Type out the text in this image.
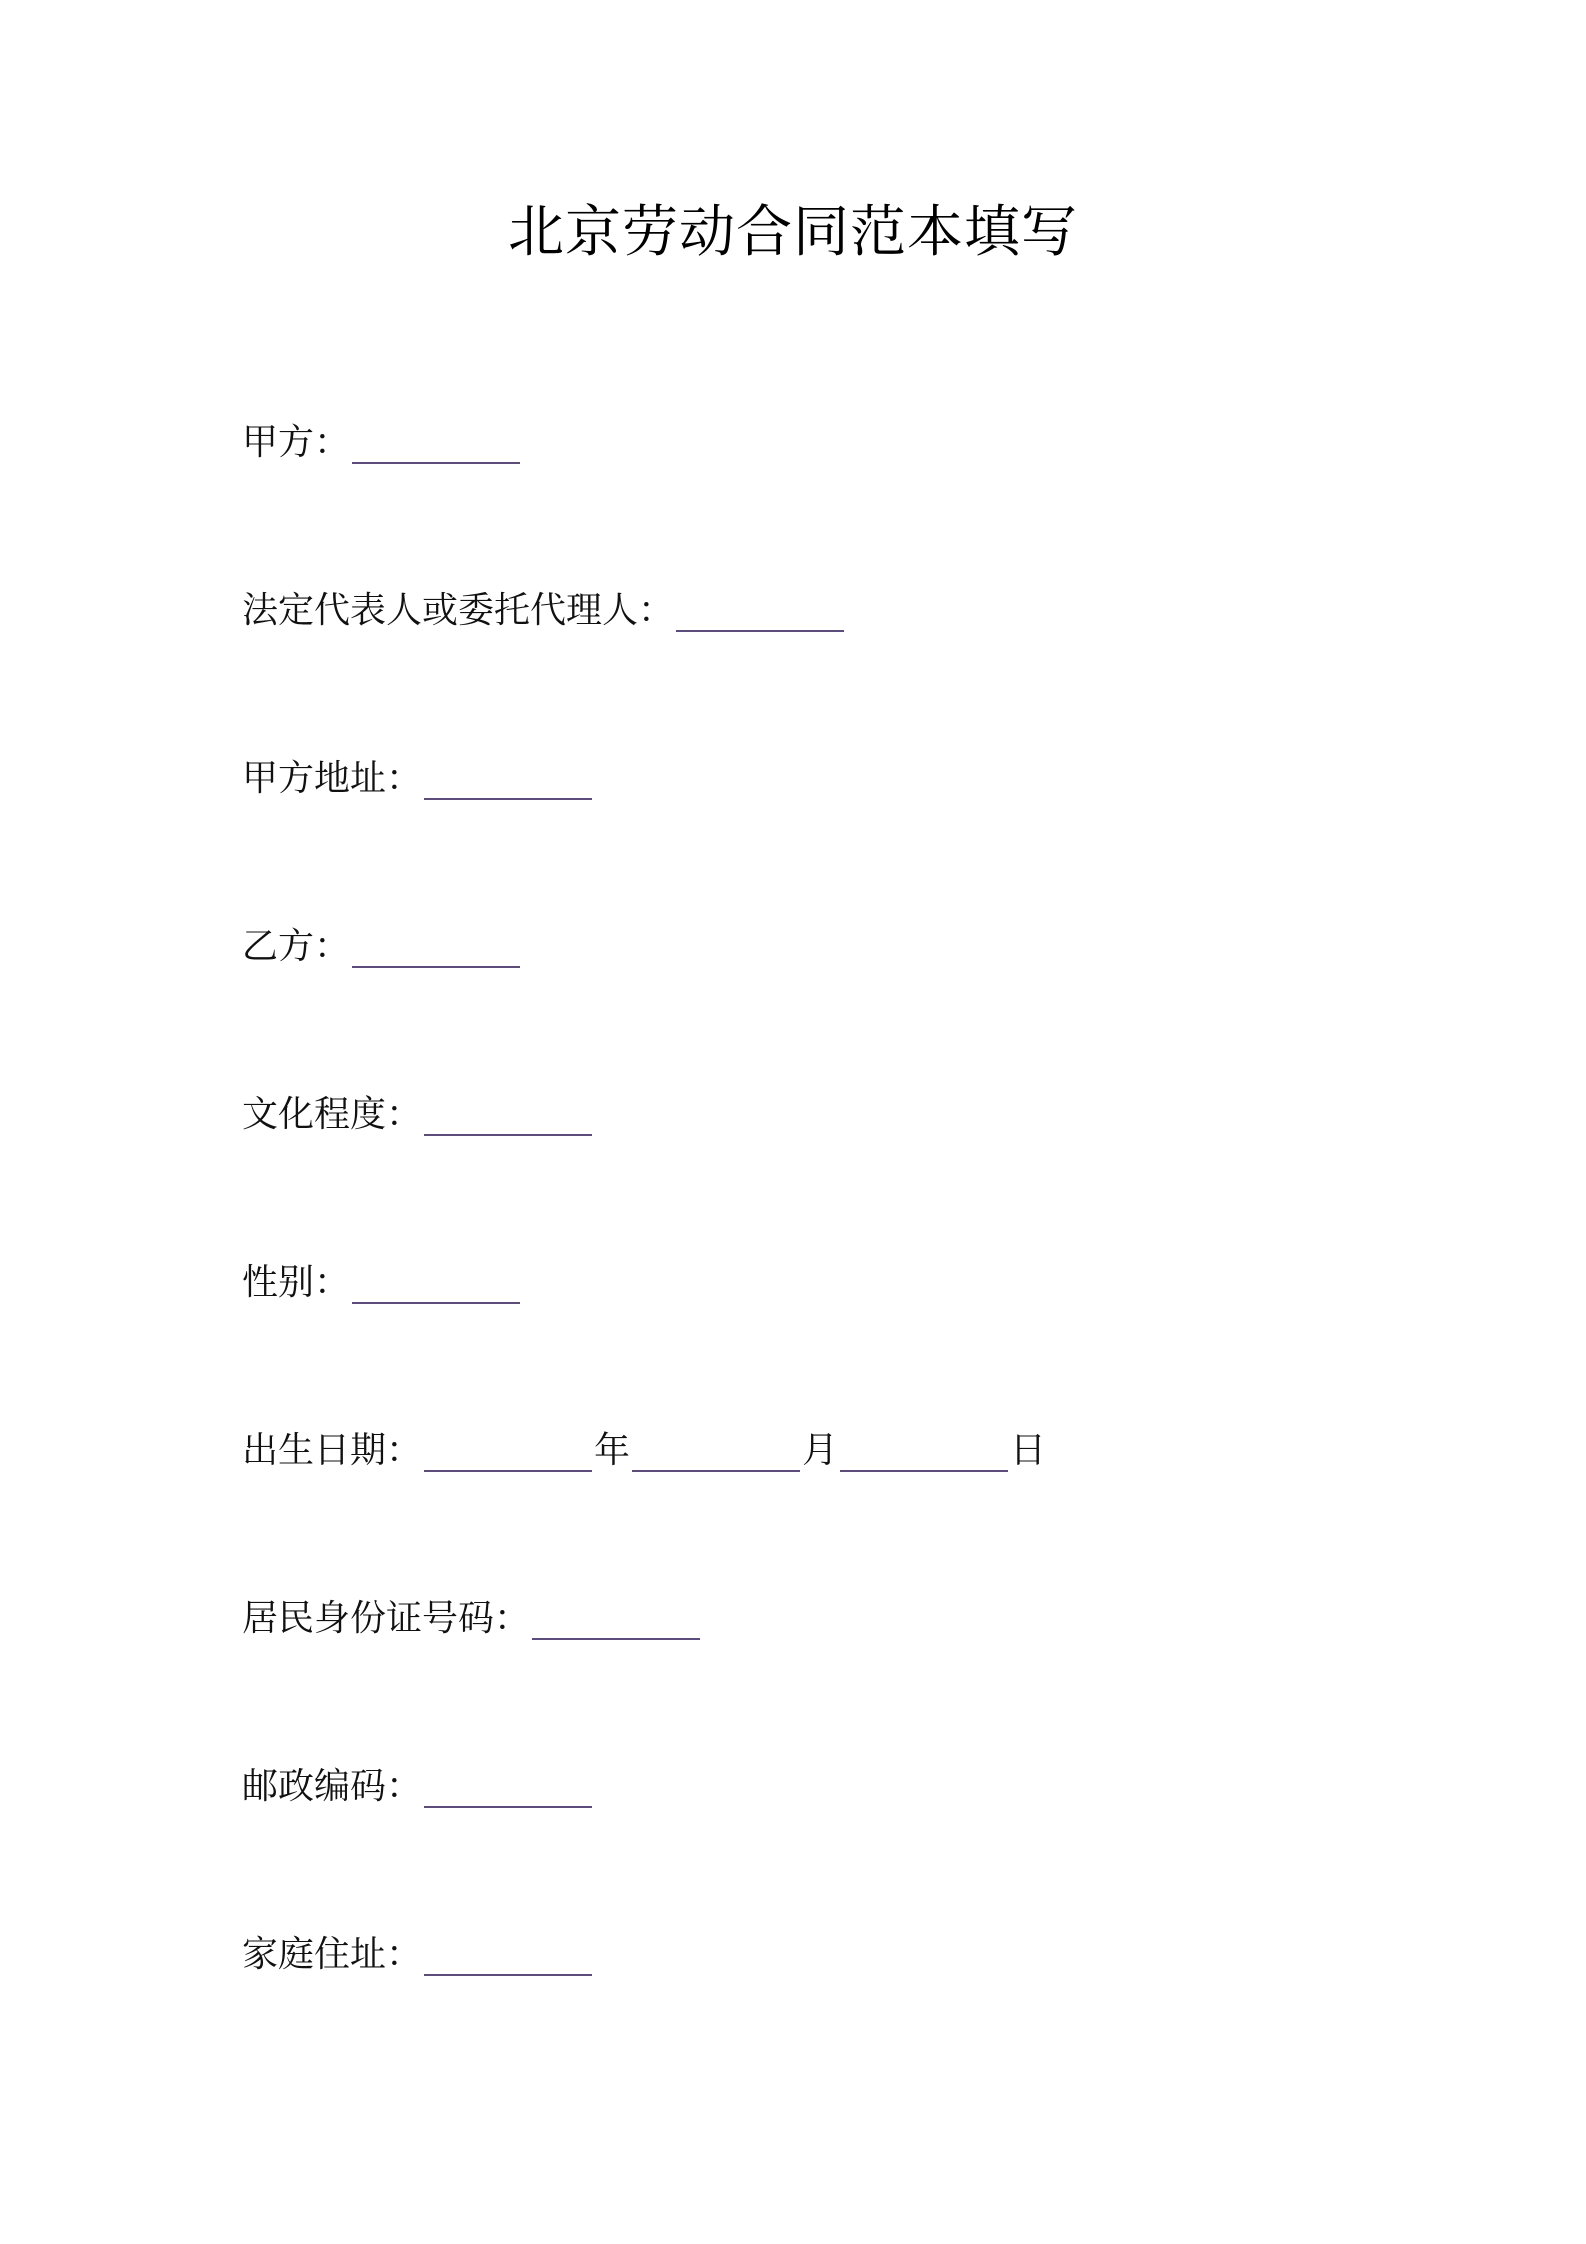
北京劳动合同范本填写
甲方：
法定代表人或委托代理人：
甲方地址：
乙方：
文化程度：
性别：
出生日期：	年	月	日
居民身份证号码：
邮政编码：
家庭住址：
